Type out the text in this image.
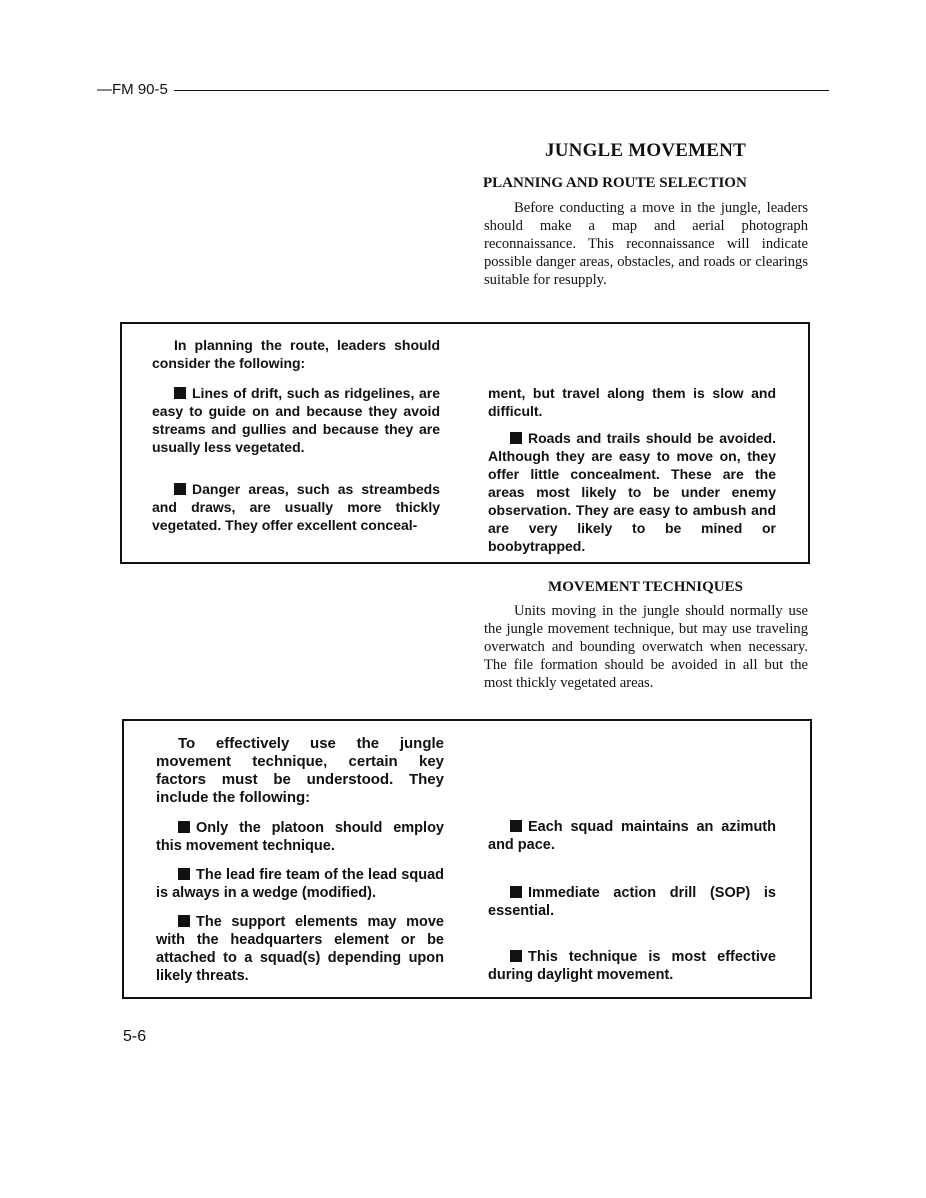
—FM 90-5
JUNGLE MOVEMENT
PLANNING AND ROUTE SELECTION

Before conducting a move in the jungle, leaders should make a map and aerial photograph reconnaissance. This reconnaissance will indicate possible danger areas, obstacles, and roads or clearings suitable for resupply.

In planning the route, leaders should consider the following:

Lines of drift, such as ridgelines, are easy to guide on and because they avoid streams and gullies and because they are usually less vegetated.

Danger areas, such as streambeds and draws, are usually more thickly vegetated. They offer excellent conceal-

ment, but travel along them is slow and difficult.

Roads and trails should be avoided. Although they are easy to move on, they offer little concealment. These are the areas most likely to be under enemy observation. They are easy to ambush and are very likely to be mined or boobytrapped.

MOVEMENT TECHNIQUES

Units moving in the jungle should normally use the jungle movement technique, but may use traveling overwatch and bounding overwatch when necessary. The file formation should be avoided in all but the most thickly vegetated areas.

To effectively use the jungle movement technique, certain key factors must be understood. They include the following:

Only the platoon should employ this movement technique.

The lead fire team of the lead squad is always in a wedge (modified).

The support elements may move with the headquarters element or be attached to a squad(s) depending upon likely threats.

Each squad maintains an azimuth and pace.

Immediate action drill (SOP) is essential.

This technique is most effective during daylight movement.

5-6
